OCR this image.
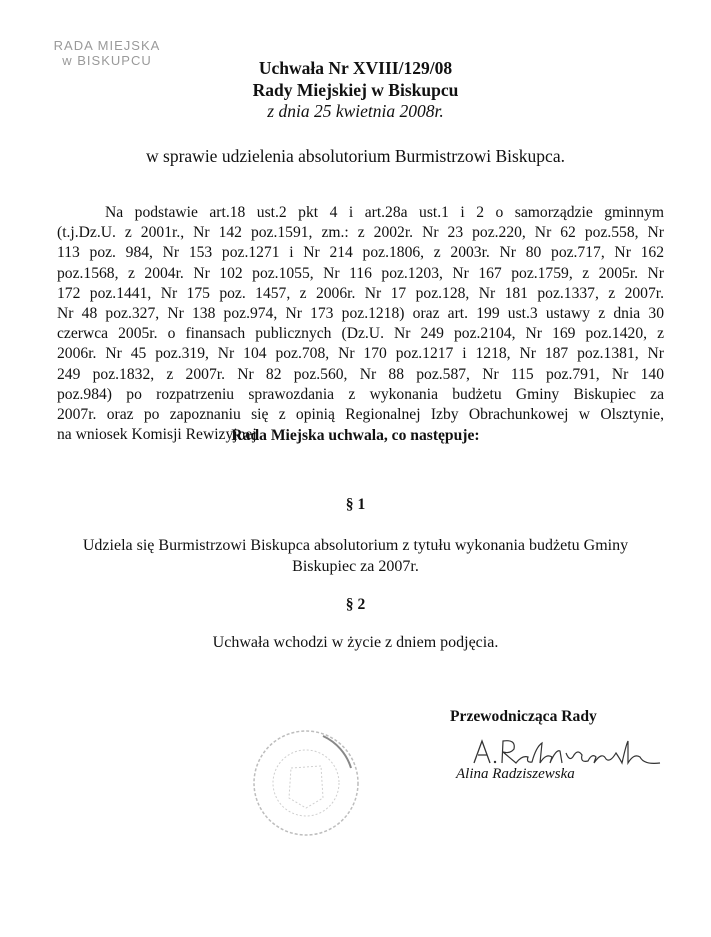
RADA MIEJSKA
w BISKUPCU	Uchwała Nr XVIII/129/08
Rady Miejskiej w Biskupcu
z dnia 25 kwietnia 2008r.
w sprawie udzielenia absolutorium Burmistrzowi Biskupca.
Na podstawie art.18 ust.2 pkt 4 i art.28a ust.1 i 2 o samorządzie gminnym
(t.j.Dz.U. z 2001r., Nr 142 poz.1591, zm.: z 2002r. Nr 23 poz.220, Nr 62 poz.558, Nr
113 poz. 984, Nr 153 poz.1271 i Nr 214 poz.1806, z 2003r. Nr 80 poz.717, Nr 162
poz.1568, z 2004r. Nr 102 poz.1055, Nr 116 poz.1203, Nr 167 poz.1759, z 2005r. Nr
172 poz.1441, Nr 175 poz. 1457, z 2006r. Nr 17 poz.128, Nr 181 poz.1337, z 2007r.
Nr 48 poz.327, Nr 138 poz.974, Nr 173 poz.1218) oraz art. 199 ust.3 ustawy z dnia 30
czerwca 2005r. o finansach publicznych (Dz.U. Nr 249 poz.2104, Nr 169 poz.1420, z
2006r. Nr 45 poz.319, Nr 104 poz.708, Nr 170 poz.1217 i 1218, Nr 187 poz.1381, Nr
249 poz.1832, z 2007r. Nr 82 poz.560, Nr 88 poz.587, Nr 115 poz.791, Nr 140
poz.984) po rozpatrzeniu sprawozdania z wykonania budżetu Gminy Biskupiec za
2007r. oraz po zapoznaniu się z opinią Regionalnej Izby Obrachunkowej w Olsztynie,
na wniosek Komisji Rewizyjnej
Rada Miejska uchwala, co następuje:
§ 1
Udziela się Burmistrzowi Biskupca absolutorium z tytułu wykonania budżetu Gminy
Biskupiec za 2007r.
§ 2
Uchwała wchodzi w życie z dniem podjęcia.
Przewodnicząca Rady
Alina Radziszewska
